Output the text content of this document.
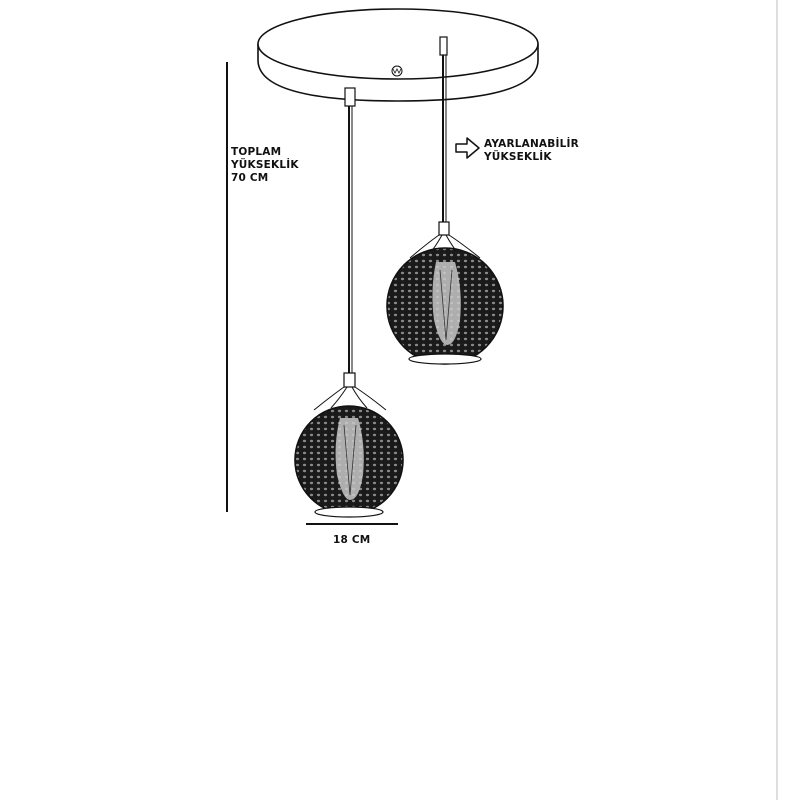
TOPLAM
YÜKSEKLİK
70 CM
AYARLANABİLİR
YÜKSEKLİK
18 CM
